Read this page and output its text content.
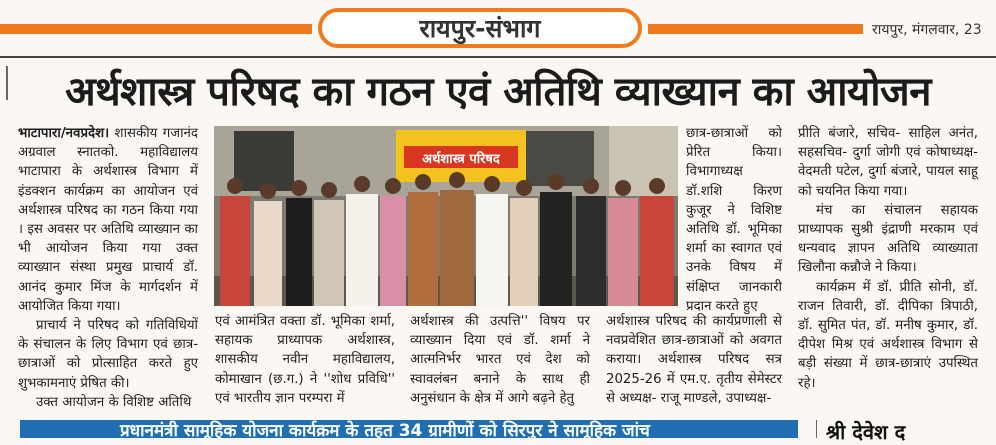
रायपुर-संभाग	रायपुर, मंगलवार, 23
अर्थशास्त्र परिषद का गठन एवं अतिथि व्याख्यान का आयोजन

भाटापारा/नवप्रदेश। शासकीय गजानंद अग्रवाल स्नातको. महाविद्यालय भाटापारा के अर्थशास्त्र विभाग में इंडक्शन कार्यक्रम का आयोजन एवं अर्थशास्त्र परिषद का गठन किया गया । इस अवसर पर अतिथि व्याख्यान का भी आयोजन किया गया उक्त व्याख्यान संस्था प्रमुख प्राचार्य डॉ. आनंद कुमार मिंज के मार्गदर्शन में आयोजित किया गया।

प्राचार्य ने परिषद को गतिविधियों के संचालन के लिए विभाग एवं छात्र-छात्राओं को प्रोत्साहित करते हुए शुभकामनाएं प्रेषित की।

उक्त आयोजन के विशिष्ट अतिथि

अर्थशास्त्र परिषद

एवं आमंत्रित वक्ता डॉ. भूमिका शर्मा, सहायक प्राध्यापक अर्थशास्त्र, शासकीय नवीन महाविद्यालय, कोमाखान (छ.ग.) ने ''शोध प्रविधि'' एवं भारतीय ज्ञान परम्परा में

अर्थशास्त्र की उत्पत्ति'' विषय पर व्याख्यान दिया एवं डॉ. शर्मा ने आत्मनिर्भर भारत एवं देश को स्वावलंबन बनाने के साथ ही अनुसंधान के क्षेत्र में आगे बढ़ने हेतु

छात्र-छात्राओं को प्रेरित किया। विभागाध्यक्ष डॉ.शशि किरण कुजूर ने विशिष्ट अतिथि डॉ. भूमिका शर्मा का स्वागत एवं उनके विषय में संक्षिप्त जानकारी प्रदान करते हुए

अर्थशास्त्र परिषद की कार्यप्रणाली से नवप्रवेशित छात्र-छात्राओं को अवगत कराया। अर्थशास्त्र परिषद सत्र 2025-26 में एम.ए. तृतीय सेमेस्टर से अध्यक्ष- राजू माण्डले, उपाध्यक्ष-

प्रीति बंजारे, सचिव- साहिल अनंत, सहसचिव- दुर्गा जोगी एवं कोषाध्यक्ष- वेदमती पटेल, दुर्गा बंजारे, पायल साहू को चयनित किया गया।

मंच का संचालन सहायक प्राध्यापक सुश्री इंद्राणी मरकाम एवं धन्यवाद ज्ञापन अतिथि व्याख्याता खिलौना कन्नौजे ने किया।

कार्यक्रम में डॉ. प्रीति सोनी, डॉ. राजन तिवारी, डॉ. दीपिका त्रिपाठी, डॉ. सुमित पंत, डॉ. मनीष कुमार, डॉ. दीपेश मिश्र एवं अर्थशास्त्र विभाग से बड़ी संख्या में छात्र-छात्राएं उपस्थित रहे।

प्रधानमंत्री सामूहिक योजना कार्यक्रम के तहत 34 ग्रामीणों को सिरपुर ने सामूहिक जांच	श्री देवेश द
